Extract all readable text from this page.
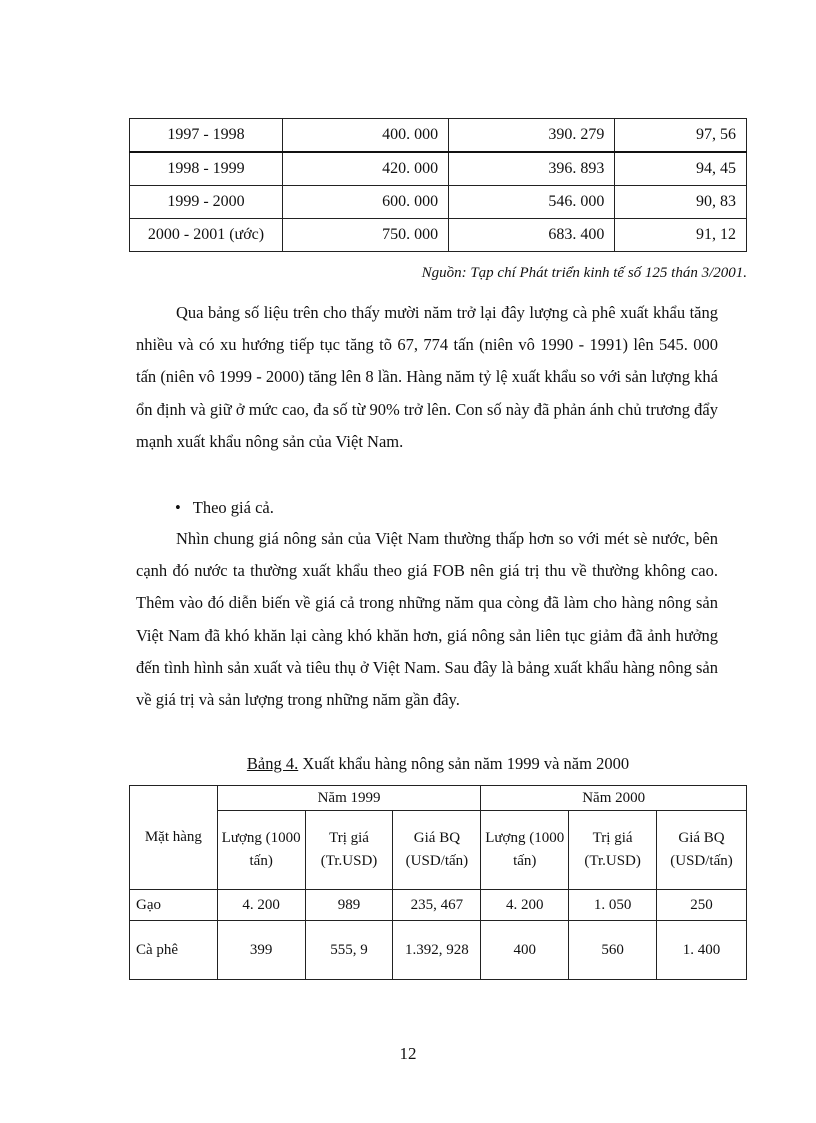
1997 - 1998	400. 000	390. 279	97, 56
1998 - 1999	420. 000	396. 893	94, 45
1999 - 2000	600. 000	546. 000	90, 83
2000 - 2001 (ước)	750. 000	683. 400	91, 12
Nguồn: Tạp chí Phát triển kinh tế số 125 thán 3/2001.

Qua bảng số liệu trên cho thấy mười năm trở lại đây lượng cà phê xuất khẩu tăng nhiều và có xu hướng tiếp tục tăng tõ 67, 774 tấn (niên vô 1990 - 1991) lên 545. 000 tấn (niên vô 1999 - 2000) tăng lên 8 lần. Hàng năm tỷ lệ xuất khẩu so với sản lượng khá ổn định và giữ ở mức cao, đa số từ 90% trở lên. Con số này đã phản ánh chủ trương đẩy mạnh xuất khẩu nông sản của Việt Nam.

• Theo giá cả.

Nhìn chung giá nông sản của Việt Nam thường thấp hơn so với mét sè nước, bên cạnh đó nước ta thường xuất khẩu theo giá FOB nên giá trị thu về thường không cao. Thêm vào đó diễn biến về giá cả trong những năm qua còng đã làm cho hàng nông sản Việt Nam đã khó khăn lại càng khó khăn hơn, giá nông sản liên tục giảm đã ảnh hưởng đến tình hình sản xuất và tiêu thụ ở Việt Nam. Sau đây là bảng xuất khẩu hàng nông sản về giá trị và sản lượng trong những năm gần đây.

Bảng 4. Xuất khẩu hàng nông sản năm 1999 và năm 2000
Mặt hàng	Năm 1999			Năm 2000		
	Lượng (1000 tấn)	Trị giá (Tr.USD)	Giá BQ (USD/tấn)	Lượng (1000 tấn)	Trị giá (Tr.USD)	Giá BQ (USD/tấn)
Gạo	4. 200	989	235, 467	4. 200	1. 050	250
Cà phê	399	555, 9	1.392, 928	400	560	1. 400
12
